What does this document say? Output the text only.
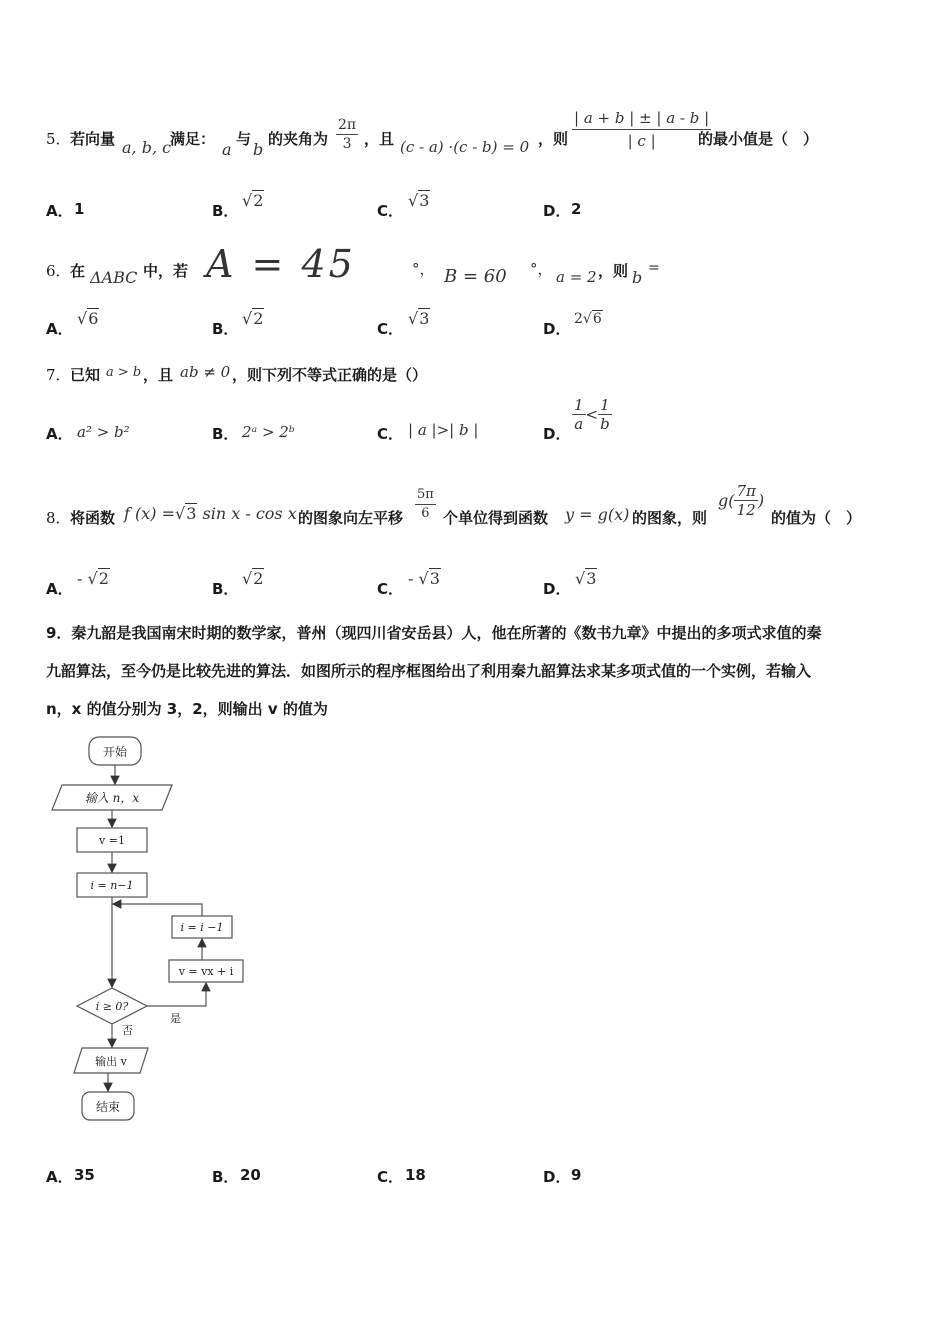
5． 若向量 a, b, c
满足：
a
与
b
的夹角为 $\frac{2\pi}{3}$ ，且 (c - a) ·(c - b) = 0 ，则 $\frac{| a + b | \pm | a - b |}{| c |}$
的最小值是（　）
A． 1	B．
√2
C．
√3
D． 2
6． 在 ΔABC 中，若 A = 45	°， B = 60 °， a = 2 ，则 b =
A．
√6
B．
√2
C．
√3
D．
2√6
7． 已知 a > b ，且 ab ≠ 0 ，则下列不等式正确的是（）
A． a² > b²	B． 2ᵃ > 2ᵇ	C． | a |>| b |	D．
$\frac{1}{a} < \frac{1}{b}$
8． 将函数 f (x) =√3 sin x - cos x 的图象向左平移 $\frac{5\pi}{6}$ 个单位得到函数 y = g(x) 的图象，则
$g( \frac{7\pi}{12}$ )
的值为（　）
A．
- √2
B．
√2
C．
- √3
D．
√3
9．秦九韶是我国南宋时期的数学家，普州（现四川省安岳县）人，他在所著的《数书九章》中提出的多项式求值的秦
九韶算法，至今仍是比较先进的算法．如图所示的程序框图给出了利用秦九韶算法求某多项式值的一个实例，若输入
n，x 的值分别为 3，2，则输出 v 的值为
开始
输入 n，x
v =1
i = n−1
i = i −1
v = vx + i
i ≥ 0?
否
是
输出 v
结束
A． 35	B． 20	C． 18	D． 9
